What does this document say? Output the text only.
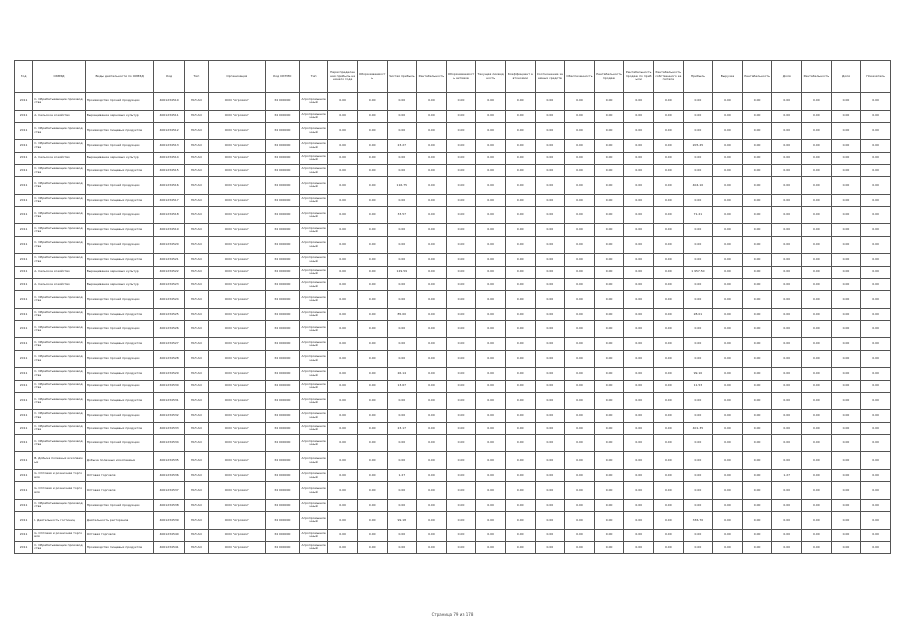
Год	ОКВЭД	Виды деятельности по ОКВЭД	Код	Тип	Организация	Код ОКТМО	Тип	Нераспределенная прибыль на начало года	Оборачиваемость	Чистая прибыль	Рентабельность	Оборачиваемость активов	Текущая ликвидность	Коэффициент автономии	Соотношение заемных средств	Обеспеченность	Рентабельность продаж	Рентабельность продаж по прибыли	Рентабельность собственного капитала	Прибыль	Выручка	Рентабельность	Доля	Рентабельность	Доля	Показатель
2011	С. Обрабатывающие производства	Производство прочей продукции	4001234510	ЮЛ АО	ООО "Агрохим"	34 000000	Агропромышленный	0.00	0.00	0.00	0.00	0.00	0.00	0.00	0.00	0.00	0.00	0.00	0.00	0.00	0.00	0.00	0.00	0.00	0.00	0.00
2011	А. Сельское хозяйство	Выращивание зерновых культур	4001234511	ЮЛ АО	ООО "Агрохим"	34 000000	Агропромышленный	0.00	0.00	0.00	0.00	0.00	0.00	0.00	0.00	0.00	0.00	0.00	0.00	0.00	0.00	0.00	0.00	0.00	0.00	0.00
2011	С. Обрабатывающие производства	Производство пищевых продуктов	4001234512	ЮЛ АО	ООО "Агрохим"	34 000000	Агропромышленный	0.00	0.00	0.00	0.00	0.00	0.00	0.00	0.00	0.00	0.00	0.00	0.00	0.00	0.00	0.00	0.00	0.00	0.00	0.00
2011	С. Обрабатывающие производства	Производство прочей продукции	4001234513	ЮЛ АО	ООО "Агрохим"	34 000000	Агропромышленный	0.00	0.00	23.27	0.00	0.00	0.00	0.00	0.00	0.00	0.00	0.00	0.00	205.45	0.00	0.00	0.00	0.00	0.00	0.00
2011	А. Сельское хозяйство	Выращивание зерновых культур	4001234514	ЮЛ АО	ООО "Агрохим"	34 000000	Агропромышленный	0.00	0.00	0.00	0.00	0.00	0.00	0.00	0.00	0.00	0.00	0.00	0.00	0.00	0.00	0.00	0.00	0.00	0.00	0.00
2011	С. Обрабатывающие производства	Производство пищевых продуктов	4001234515	ЮЛ АО	ООО "Агрохим"	34 000000	Агропромышленный	0.00	0.00	0.00	0.00	0.00	0.00	0.00	0.00	0.00	0.00	0.00	0.00	0.00	0.00	0.00	0.00	0.00	0.00	0.00
2011	С. Обрабатывающие производства	Производство прочей продукции	4001234516	ЮЛ АО	ООО "Агрохим"	34 000000	Агропромышленный	0.00	0.00	116.75	0.00	0.00	0.00	0.00	0.00	0.00	0.00	0.00	0.00	404.10	0.00	0.00	0.00	0.00	0.00	0.00
2011	С. Обрабатывающие производства	Производство пищевых продуктов	4001234517	ЮЛ АО	ООО "Агрохим"	34 000000	Агропромышленный	0.00	0.00	0.00	0.00	0.00	0.00	0.00	0.00	0.00	0.00	0.00	0.00	0.00	0.00	0.00	0.00	0.00	0.00	0.00
2011	С. Обрабатывающие производства	Производство прочей продукции	4001234518	ЮЛ АО	ООО "Агрохим"	34 000000	Агропромышленный	0.00	0.00	33.57	0.00	0.00	0.00	0.00	0.00	0.00	0.00	0.00	0.00	71.21	0.00	0.00	0.00	0.00	0.00	0.00
2011	С. Обрабатывающие производства	Производство пищевых продуктов	4001234519	ЮЛ АО	ООО "Агрохим"	34 000000	Агропромышленный	0.00	0.00	0.00	0.00	0.00	0.00	0.00	0.00	0.00	0.00	0.00	0.00	0.00	0.00	0.00	0.00	0.00	0.00	0.00
2011	С. Обрабатывающие производства	Производство прочей продукции	4001234520	ЮЛ АО	ООО "Агрохим"	34 000000	Агропромышленный	0.00	0.00	0.00	0.00	0.00	0.00	0.00	0.00	0.00	0.00	0.00	0.00	0.00	0.00	0.00	0.00	0.00	0.00	0.00
2011	С. Обрабатывающие производства	Производство пищевых продуктов	4001234521	ЮЛ АО	ООО "Агрохим"	34 000000	Агропромышленный	0.00	0.00	0.00	0.00	0.00	0.00	0.00	0.00	0.00	0.00	0.00	0.00	0.00	0.00	0.00	0.00	0.00	0.00	0.00
2011	А. Сельское хозяйство	Выращивание зерновых культур	4001234522	ЮЛ АО	ООО "Агрохим"	34 000000	Агропромышленный	0.00	0.00	129.59	0.00	0.00	0.00	0.00	0.00	0.00	0.00	0.00	0.00	1 957.50	0.00	0.00	0.00	0.00	0.00	0.00
2011	А. Сельское хозяйство	Выращивание зерновых культур	4001234523	ЮЛ АО	ООО "Агрохим"	34 000000	Агропромышленный	0.00	0.00	0.00	0.00	0.00	0.00	0.00	0.00	0.00	0.00	0.00	0.00	0.00	0.00	0.00	0.00	0.00	0.00	0.00
2011	С. Обрабатывающие производства	Производство прочей продукции	4001234524	ЮЛ АО	ООО "Агрохим"	34 000000	Агропромышленный	0.00	0.00	0.00	0.00	0.00	0.00	0.00	0.00	0.00	0.00	0.00	0.00	0.00	0.00	0.00	0.00	0.00	0.00	0.00
2011	С. Обрабатывающие производства	Производство пищевых продуктов	4001234525	ЮЛ АО	ООО "Агрохим"	34 000000	Агропромышленный	0.00	0.00	85.00	0.00	0.00	0.00	0.00	0.00	0.00	0.00	0.00	0.00	28.01	0.00	0.00	0.00	0.00	0.00	0.00
2011	С. Обрабатывающие производства	Производство прочей продукции	4001234526	ЮЛ АО	ООО "Агрохим"	34 000000	Агропромышленный	0.00	0.00	0.00	0.00	0.00	0.00	0.00	0.00	0.00	0.00	0.00	0.00	0.00	0.00	0.00	0.00	0.00	0.00	0.00
2011	С. Обрабатывающие производства	Производство пищевых продуктов	4001234527	ЮЛ АО	ООО "Агрохим"	34 000000	Агропромышленный	0.00	0.00	0.00	0.00	0.00	0.00	0.00	0.00	0.00	0.00	0.00	0.00	0.00	0.00	0.00	0.00	0.00	0.00	0.00
2011	С. Обрабатывающие производства	Производство прочей продукции	4001234528	ЮЛ АО	ООО "Агрохим"	34 000000	Агропромышленный	0.00	0.00	0.00	0.00	0.00	0.00	0.00	0.00	0.00	0.00	0.00	0.00	0.00	0.00	0.00	0.00	0.00	0.00	0.00
2011	С. Обрабатывающие производства	Производство пищевых продуктов	4001234529	ЮЛ АО	ООО "Агрохим"	34 000000	Агропромышленный	0.00	0.00	26.14	0.00	0.00	0.00	0.00	0.00	0.00	0.00	0.00	0.00	99.10	0.00	0.00	0.00	0.00	0.00	0.00
2011	С. Обрабатывающие производства	Производство прочей продукции	4001234530	ЮЛ АО	ООО "Агрохим"	34 000000	Агропромышленный	0.00	0.00	13.67	0.00	0.00	0.00	0.00	0.00	0.00	0.00	0.00	0.00	11.53	0.00	0.00	0.00	0.00	0.00	0.00
2011	С. Обрабатывающие производства	Производство пищевых продуктов	4001234531	ЮЛ АО	ООО "Агрохим"	34 000000	Агропромышленный	0.00	0.00	0.00	0.00	0.00	0.00	0.00	0.00	0.00	0.00	0.00	0.00	0.00	0.00	0.00	0.00	0.00	0.00	0.00
2011	С. Обрабатывающие производства	Производство прочей продукции	4001234532	ЮЛ АО	ООО "Агрохим"	34 000000	Агропромышленный	0.00	0.00	0.00	0.00	0.00	0.00	0.00	0.00	0.00	0.00	0.00	0.00	0.00	0.00	0.00	0.00	0.00	0.00	0.00
2011	С. Обрабатывающие производства	Производство пищевых продуктов	4001234533	ЮЛ АО	ООО "Агрохим"	34 000000	Агропромышленный	0.00	0.00	23.17	0.00	0.00	0.00	0.00	0.00	0.00	0.00	0.00	0.00	401.35	0.00	0.00	0.00	0.00	0.00	0.00
2011	С. Обрабатывающие производства	Производство прочей продукции	4001234534	ЮЛ АО	ООО "Агрохим"	34 000000	Агропромышленный	0.00	0.00	0.00	0.00	0.00	0.00	0.00	0.00	0.00	0.00	0.00	0.00	0.00	0.00	0.00	0.00	0.00	0.00	0.00
2011	В. Добыча полезных ископаемых	Добыча полезных ископаемых	4001234535	ЮЛ АО	ООО "Агрохим"	34 000000	Агропромышленный	0.00	0.00	0.00	0.00	0.00	0.00	0.00	0.00	0.00	0.00	0.00	0.00	0.00	0.00	0.00	0.00	0.00	0.00	0.00
2011	G. Оптовая и розничная торговля	Оптовая торговля	4001234536	ЮЛ АО	ООО "Агрохим"	34 000000	Агропромышленный	0.00	0.00	1.27	0.00	0.00	0.00	0.00	0.00	0.00	0.00	0.00	0.00	0.00	0.00	0.00	1.27	0.00	0.00	0.00
2011	G. Оптовая и розничная торговля	Оптовая торговля	4001234537	ЮЛ АО	ООО "Агрохим"	34 000000	Агропромышленный	0.00	0.00	0.00	0.00	0.00	0.00	0.00	0.00	0.00	0.00	0.00	0.00	0.00	0.00	0.00	0.00	0.00	0.00	0.00
2011	С. Обрабатывающие производства	Производство прочей продукции	4001234538	ЮЛ АО	ООО "Агрохим"	34 000000	Агропромышленный	0.00	0.00	0.00	0.00	0.00	0.00	0.00	0.00	0.00	0.00	0.00	0.00	0.00	0.00	0.00	0.00	0.00	0.00	0.00
2011	I. Деятельность гостиниц	Деятельность ресторанов	4001234539	ЮЛ АО	ООО "Агрохим"	34 000000	Агропромышленный	0.00	0.00	99.18	0.00	0.00	0.00	0.00	0.00	0.00	0.00	0.00	0.00	336.70	0.00	0.00	0.00	0.00	0.00	0.00
2011	G. Оптовая и розничная торговля	Оптовая торговля	4001234540	ЮЛ АО	ООО "Агрохим"	34 000000	Агропромышленный	0.00	0.00	0.00	0.00	0.00	0.00	0.00	0.00	0.00	0.00	0.00	0.00	0.00	0.00	0.00	0.00	0.00	0.00	0.00
2011	С. Обрабатывающие производства	Производство пищевых продуктов	4001234541	ЮЛ АО	ООО "Агрохим"	34 000000	Агропромышленный	0.00	0.00	0.00	0.00	0.00	0.00	0.00	0.00	0.00	0.00	0.00	0.00	0.00	0.00	0.00	0.00	0.00	0.00	0.00
Страница 79 из 178
